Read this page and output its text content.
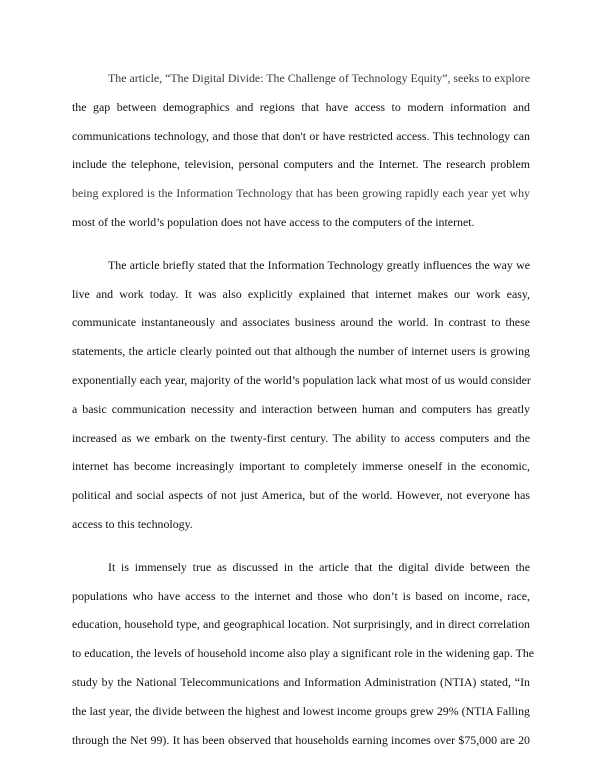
The article, “The Digital Divide: The Challenge of Technology Equity”, seeks to explore
the gap between demographics and regions that have access to modern information and
communications technology, and those that don't or have restricted access. This technology can
include the telephone, television, personal computers and the Internet. The research problem
being explored is the Information Technology that has been growing rapidly each year yet why
most of the world’s population does not have access to the computers of the internet.
The article briefly stated that the Information Technology greatly influences the way we
live and work today. It was also explicitly explained that internet makes our work easy,
communicate instantaneously and associates business around the world. In contrast to these
statements, the article clearly pointed out that although the number of internet users is growing
exponentially each year, majority of the world’s population lack what most of us would consider
a basic communication necessity and interaction between human and computers has greatly
increased as we embark on the twenty-first century. The ability to access computers and the
internet has become increasingly important to completely immerse oneself in the economic,
political and social aspects of not just America, but of the world. However, not everyone has
access to this technology.
It is immensely true as discussed in the article that the digital divide between the
populations who have access to the internet and those who don’t is based on income, race,
education, household type, and geographical location. Not surprisingly, and in direct correlation
to education, the levels of household income also play a significant role in the widening gap. The
study by the National Telecommunications and Information Administration (NTIA) stated, “In
the last year, the divide between the highest and lowest income groups grew 29% (NTIA Falling
through the Net 99). It has been observed that households earning incomes over $75,000 are 20
